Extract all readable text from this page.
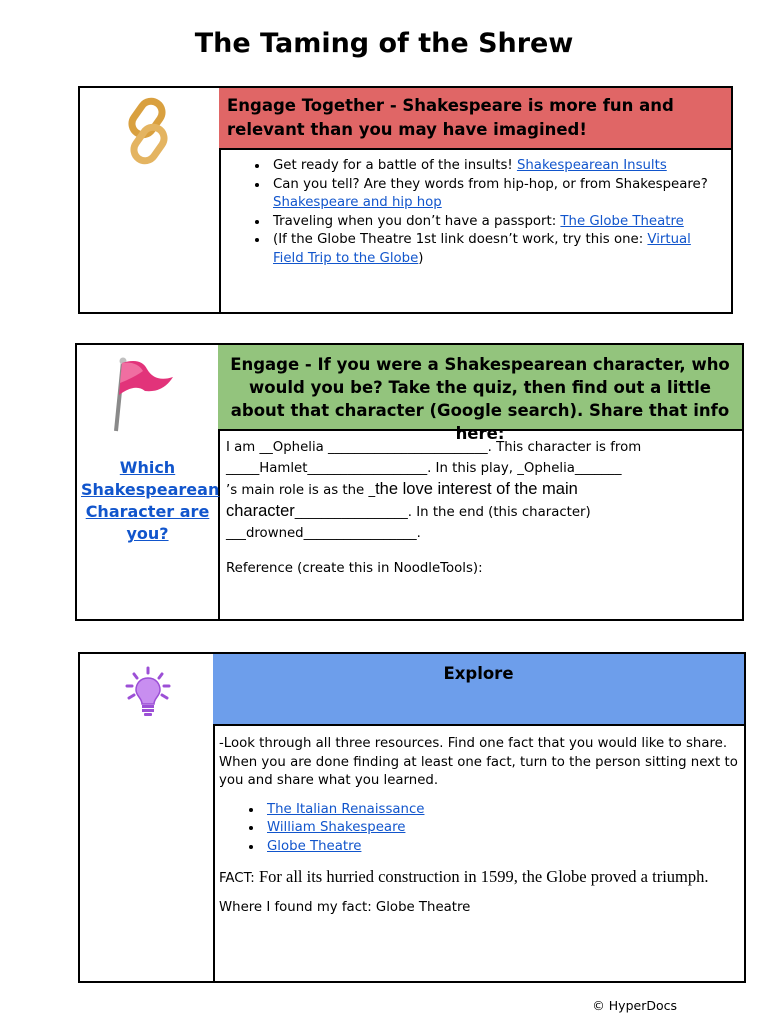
The Taming of the Shrew
Engage Together - Shakespeare is more fun and relevant than you may have imagined!
• Get ready for a battle of the insults! Shakespearean Insults
• Can you tell? Are they words from hip-hop, or from Shakespeare? Shakespeare and hip hop
• Traveling when you don’t have a passport: The Globe Theatre
• (If the Globe Theatre 1st link doesn’t work, try this one: Virtual Field Trip to the Globe)
Which Shakespearean Character are you?
Engage - If you were a Shakespearean character, who would you be? Take the quiz, then find out a little about that character (Google search). Share that info here:
I am __Ophelia ________________________. This character is from
_____Hamlet__________________. In this play, _Ophelia_______
’s main role is as the _the love interest of the main
character_________________. In the end (this character)
___drowned_________________.
Reference (create this in NoodleTools):
Explore
-Look through all three resources. Find one fact that you would like to share. When you are done finding at least one fact, turn to the person sitting next to you and share what you learned.
• The Italian Renaissance
• William Shakespeare
• Globe Theatre
FACT: For all its hurried construction in 1599, the Globe proved a triumph.
Where I found my fact: Globe Theatre
© HyperDocs
